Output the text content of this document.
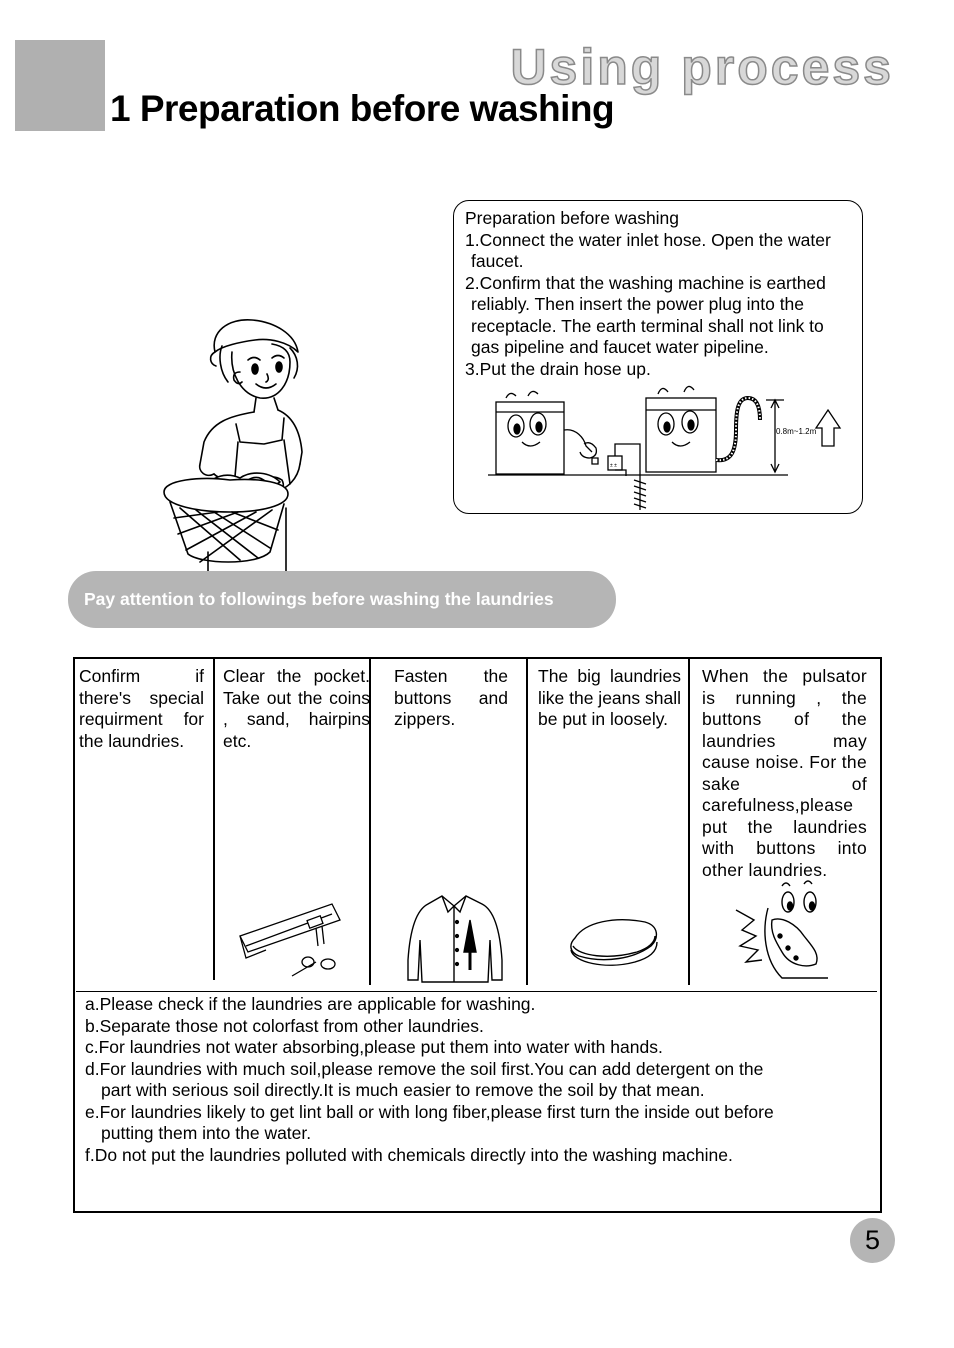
Using process
1 Preparation before washing
Preparation before washing
1.Connect the water inlet hose. Open the water
faucet.
2.Confirm that the washing machine is earthed
reliably. Then insert the power plug into the
receptacle. The earth terminal shall not link to
gas pipeline and faucet water pipeline.
3.Put the drain hose up.
± ±
0.8m~1.2m
Pay attention to followings before washing the laundries
Confirm if there's special requirment for the laundries.
Clear the pocket. Take out the coins , sand, hairpins etc.
Fasten the buttons and zippers.
The big laundries like the jeans shall be put in loosely.
When the pulsator is running , the buttons of the laundries may cause noise. For the sake of carefulness,please put the laundries with buttons into other laundries.
a.Please check if the laundries are applicable for washing.
b.Separate those not colorfast from other laundries.
c.For laundries not water absorbing,please put them into water with hands.
d.For laundries with much soil,please remove the soil first.You can add detergent on the
part with serious soil directly.It is much easier to remove the soil by that mean.
e.For laundries likely to get lint ball or with long fiber,please first turn the inside out before
putting them into the water.
f.Do not put the laundries polluted with chemicals directly into the washing machine.
5
